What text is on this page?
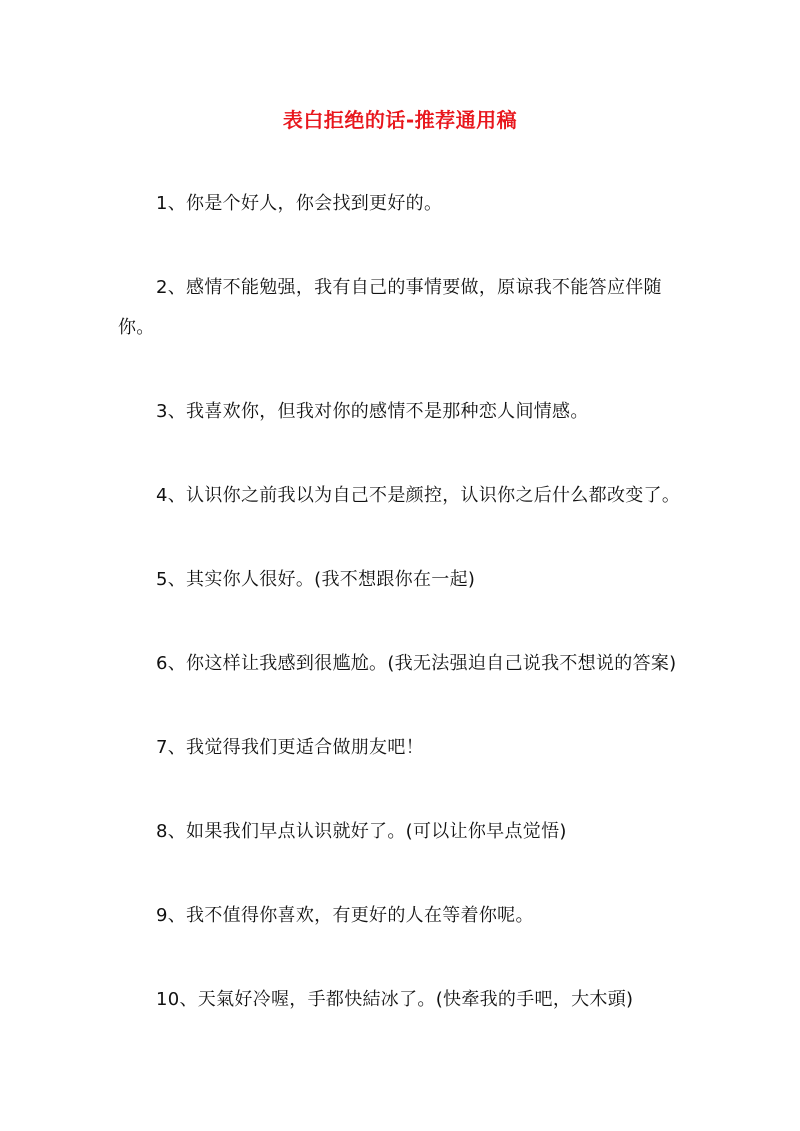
表白拒绝的话-推荐通用稿

1、你是个好人，你会找到更好的。

2、感情不能勉强，我有自己的事情要做，原谅我不能答应伴随你。

3、我喜欢你，但我对你的感情不是那种恋人间情感。

4、认识你之前我以为自己不是颜控，认识你之后什么都改变了。

5、其实你人很好。(我不想跟你在一起)

6、你这样让我感到很尴尬。(我无法强迫自己说我不想说的答案)

7、我觉得我们更适合做朋友吧！

8、如果我们早点认识就好了。(可以让你早点觉悟)

9、我不值得你喜欢，有更好的人在等着你呢。

10、天氣好冷喔，手都快結冰了。(快牽我的手吧，大木頭)
